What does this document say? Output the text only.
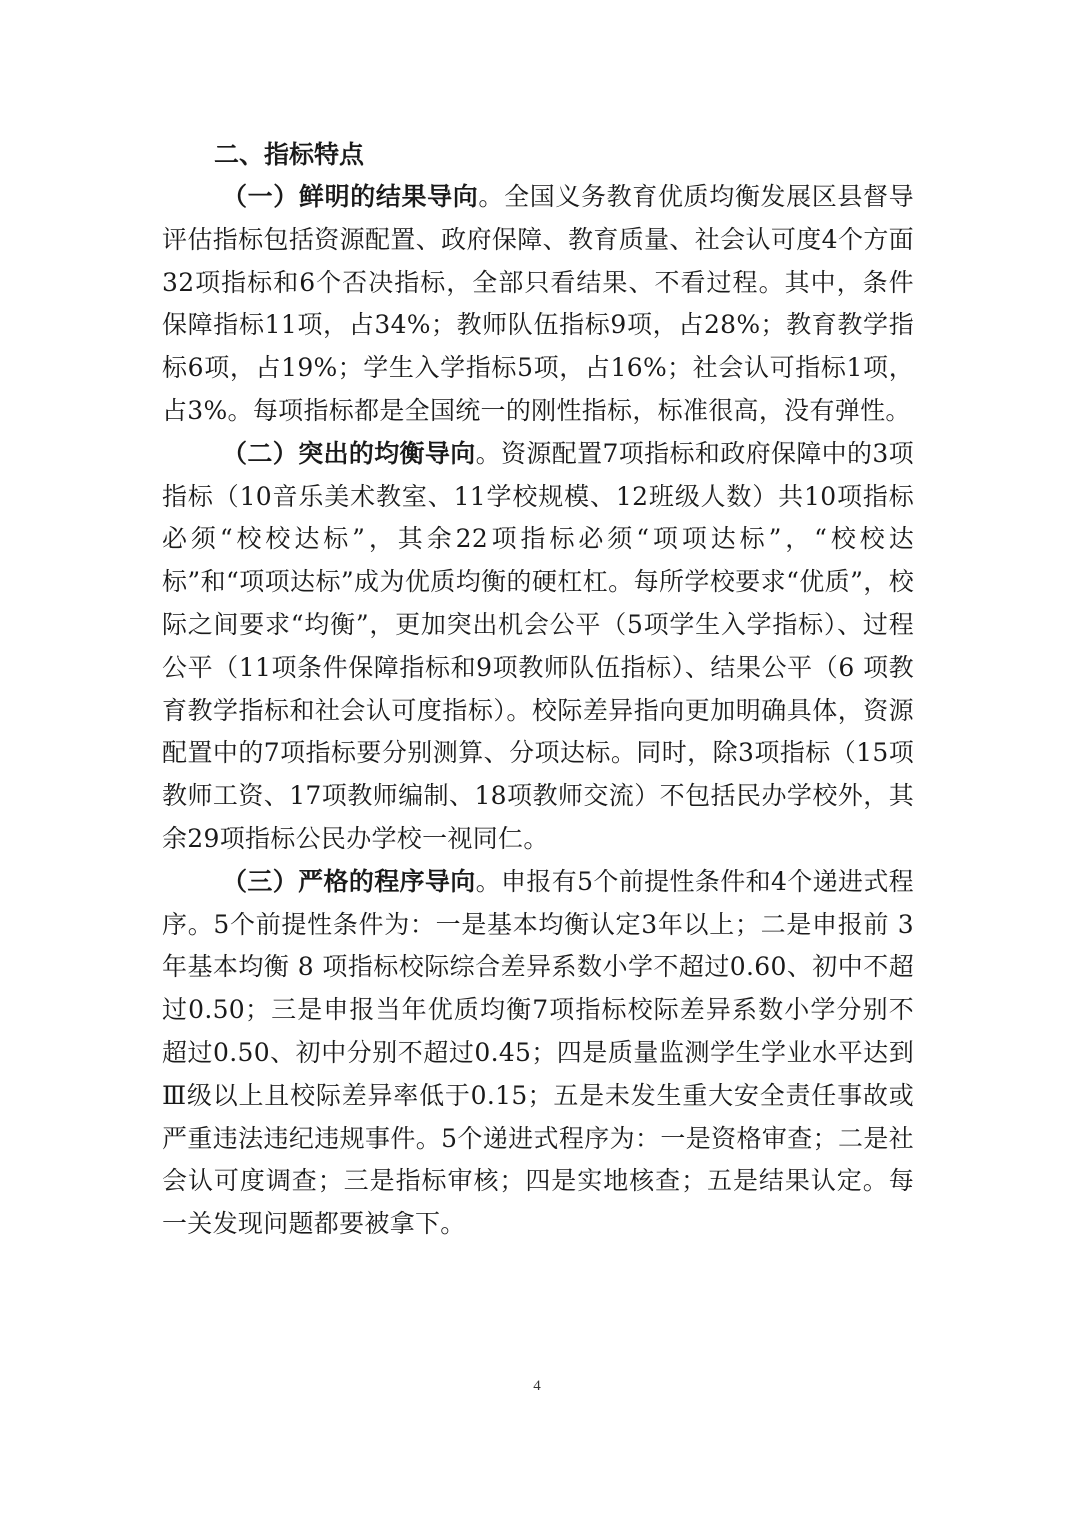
二、指标特点

（一）鲜明的结果导向。全国义务教育优质均衡发展区县督导评估指标包括资源配置、政府保障、教育质量、社会认可度4个方面32项指标和6个否决指标，全部只看结果、不看过程。其中，条件保障指标11项，占34%；教师队伍指标9项，占28%；教育教学指标6项，占19%；学生入学指标5项，占16%；社会认可指标1项，占3%。每项指标都是全国统一的刚性指标，标准很高，没有弹性。

（二）突出的均衡导向。资源配置7项指标和政府保障中的3项指标（10音乐美术教室、11学校规模、12班级人数）共10项指标必须“校校达标”，其余22项指标必须“项项达标”，“校校达标”和“项项达标”成为优质均衡的硬杠杠。每所学校要求“优质”，校际之间要求“均衡”，更加突出机会公平（5项学生入学指标）、过程公平（11项条件保障指标和9项教师队伍指标）、结果公平（6 项教育教学指标和社会认可度指标）。校际差异指向更加明确具体，资源配置中的7项指标要分别测算、分项达标。同时，除3项指标（15项教师工资、17项教师编制、18项教师交流）不包括民办学校外，其余29项指标公民办学校一视同仁。

（三）严格的程序导向。申报有5个前提性条件和4个递进式程序。5个前提性条件为：一是基本均衡认定3年以上；二是申报前 3 年基本均衡 8 项指标校际综合差异系数小学不超过0.60、初中不超过0.50；三是申报当年优质均衡7项指标校际差异系数小学分别不超过0.50、初中分别不超过0.45；四是质量监测学生学业水平达到Ⅲ级以上且校际差异率低于0.15；五是未发生重大安全责任事故或严重违法违纪违规事件。5个递进式程序为：一是资格审查；二是社会认可度调查；三是指标审核；四是实地核查；五是结果认定。每一关发现问题都要被拿下。

4
